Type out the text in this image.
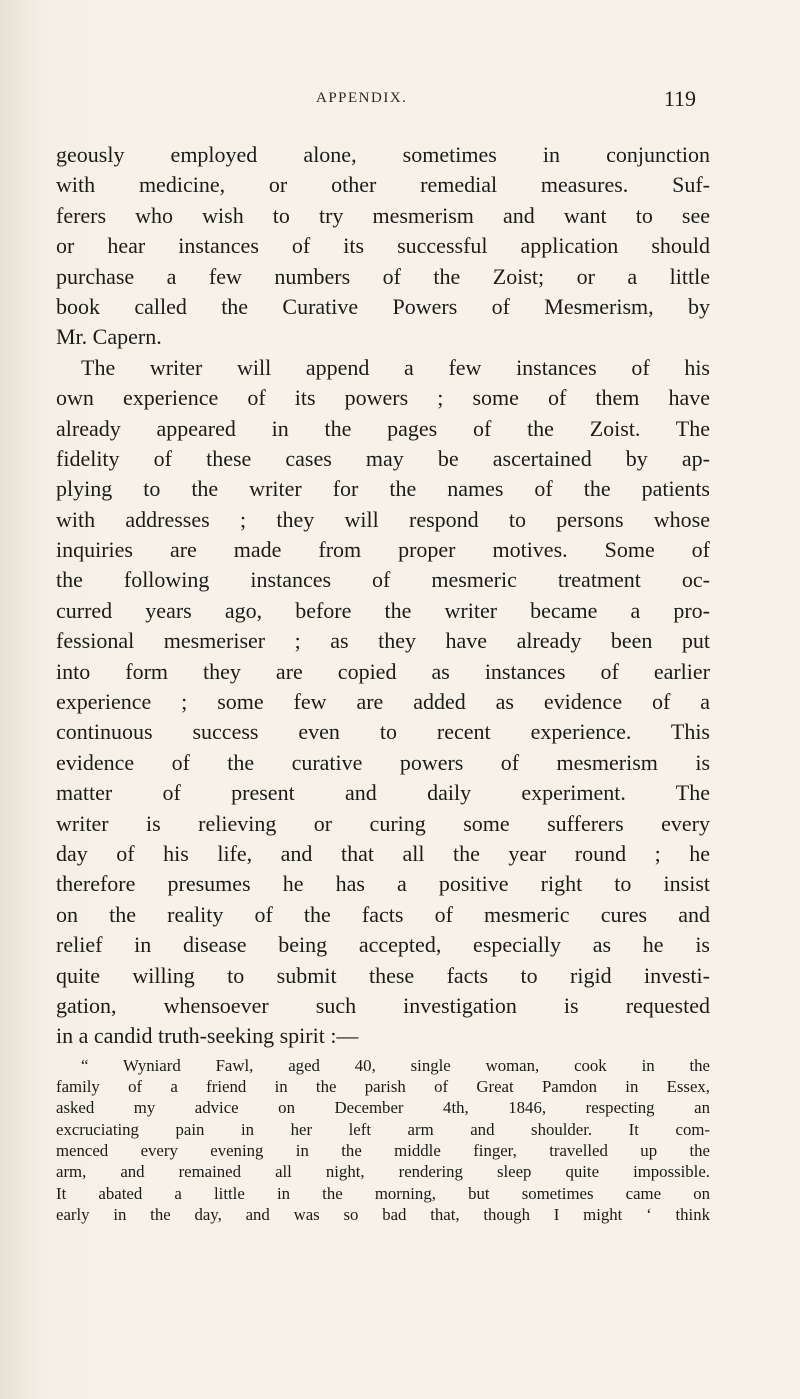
APPENDIX.	119
geously employed alone, sometimes in conjunction
with medicine, or other remedial measures. Suf-
ferers who wish to try mesmerism and want to see
or hear instances of its successful application should
purchase a few numbers of the Zoist; or a little
book called the Curative Powers of Mesmerism, by
Mr. Capern.
The writer will append a few instances of his
own experience of its powers ; some of them have
already appeared in the pages of the Zoist. The
fidelity of these cases may be ascertained by ap-
plying to the writer for the names of the patients
with addresses ; they will respond to persons whose
inquiries are made from proper motives. Some of
the following instances of mesmeric treatment oc-
curred years ago, before the writer became a pro-
fessional mesmeriser ; as they have already been put
into form they are copied as instances of earlier
experience ; some few are added as evidence of a
continuous success even to recent experience. This
evidence of the curative powers of mesmerism is
matter of present and daily experiment. The
writer is relieving or curing some sufferers every
day of his life, and that all the year round ; he
therefore presumes he has a positive right to insist
on the reality of the facts of mesmeric cures and
relief in disease being accepted, especially as he is
quite willing to submit these facts to rigid investi-
gation, whensoever such investigation is requested
in a candid truth-seeking spirit :—
“ Wyniard Fawl, aged 40, single woman, cook in the
family of a friend in the parish of Great Pamdon in Essex,
asked my advice on December 4th, 1846, respecting an
excruciating pain in her left arm and shoulder. It com-
menced every evening in the middle finger, travelled up the
arm, and remained all night, rendering sleep quite impossible.
It abated a little in the morning, but sometimes came on
early in the day, and was so bad that, though I might ‘ think
